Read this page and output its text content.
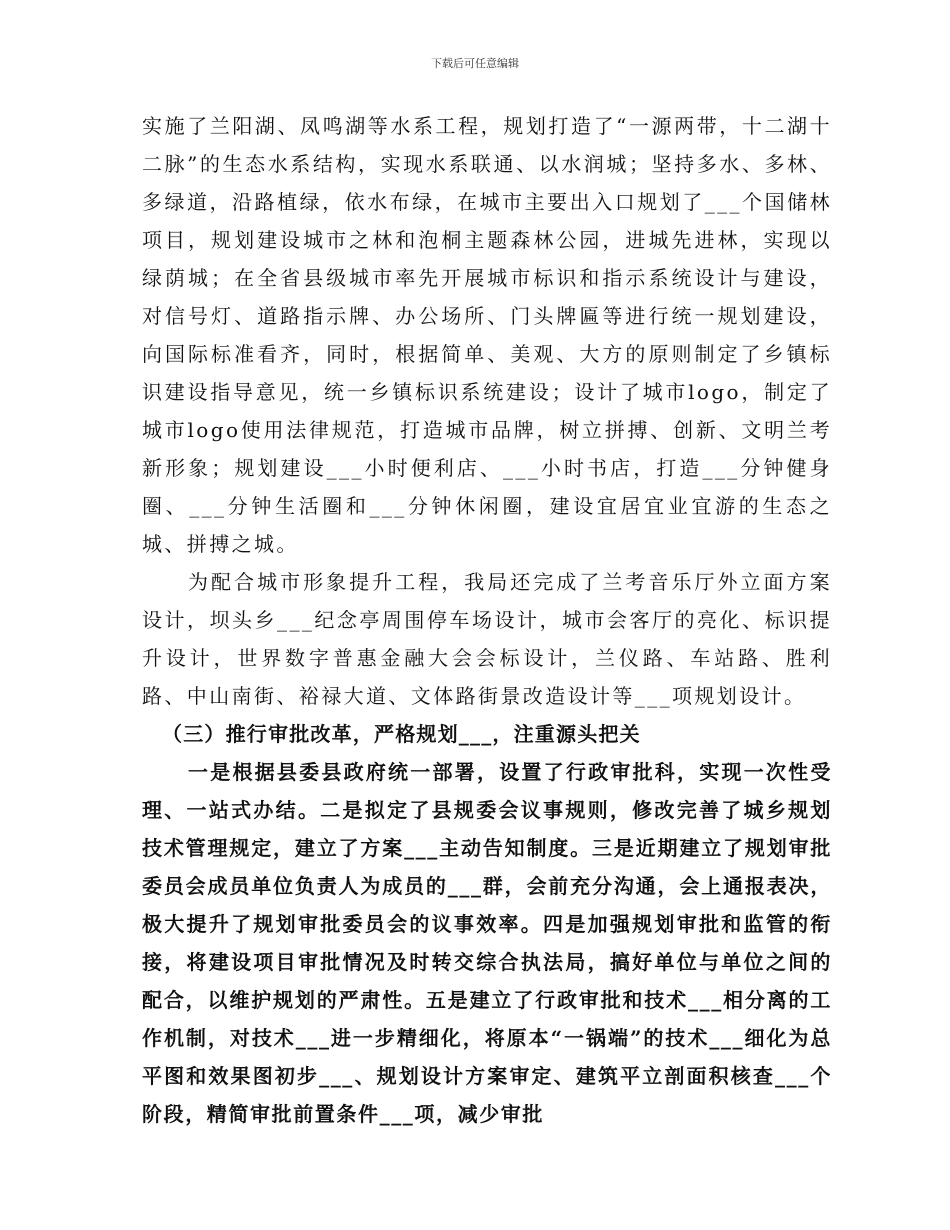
下载后可任意编辑

实施了兰阳湖、凤鸣湖等水系工程，规划打造了“一源两带，十二湖十二脉”的生态水系结构，实现水系联通、以水润城；坚持多水、多林、多绿道，沿路植绿，依水布绿，在城市主要出入口规划了___个国储林项目，规划建设城市之林和泡桐主题森林公园，进城先进林，实现以绿荫城；在全省县级城市率先开展城市标识和指示系统设计与建设，对信号灯、道路指示牌、办公场所、门头牌匾等进行统一规划建设，向国际标准看齐，同时，根据简单、美观、大方的原则制定了乡镇标识建设指导意见，统一乡镇标识系统建设；设计了城市logo，制定了城市logo使用法律规范，打造城市品牌，树立拼搏、创新、文明兰考新形象；规划建设___小时便利店、___小时书店，打造___分钟健身圈、___分钟生活圈和___分钟休闲圈，建设宜居宜业宜游的生态之城、拼搏之城。

为配合城市形象提升工程，我局还完成了兰考音乐厅外立面方案设计，坝头乡___纪念亭周围停车场设计，城市会客厅的亮化、标识提升设计，世界数字普惠金融大会会标设计，兰仪路、车站路、胜利路、中山南街、裕禄大道、文体路街景改造设计等___项规划设计。

（三）推行审批改革，严格规划___，注重源头把关

一是根据县委县政府统一部署，设置了行政审批科，实现一次性受理、一站式办结。二是拟定了县规委会议事规则，修改完善了城乡规划技术管理规定，建立了方案___主动告知制度。三是近期建立了规划审批委员会成员单位负责人为成员的___群，会前充分沟通，会上通报表决，极大提升了规划审批委员会的议事效率。四是加强规划审批和监管的衔接，将建设项目审批情况及时转交综合执法局，搞好单位与单位之间的配合，以维护规划的严肃性。五是建立了行政审批和技术___相分离的工作机制，对技术___进一步精细化，将原本“一锅端”的技术___细化为总平图和效果图初步___、规划设计方案审定、建筑平立剖面积核查___个阶段，精简审批前置条件___项，减少审批
